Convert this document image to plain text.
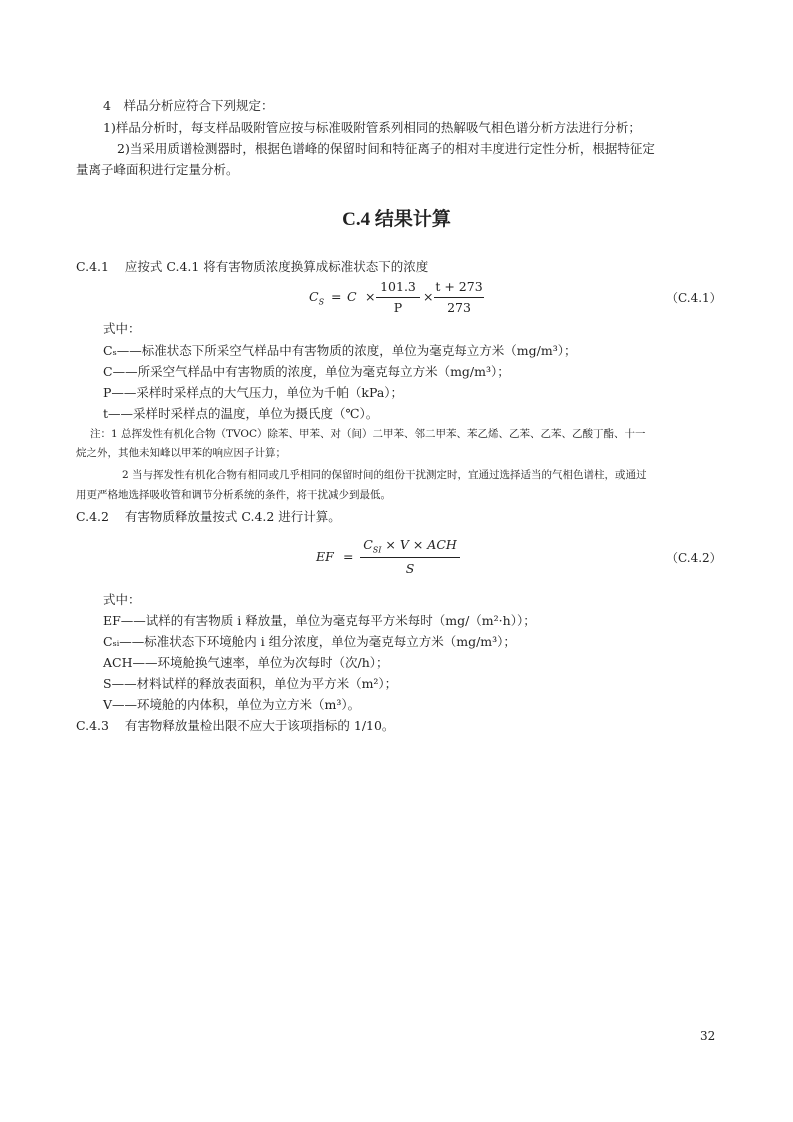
4　样品分析应符合下列规定：
1)样品分析时，每支样品吸附管应按与标准吸附管系列相同的热解吸气相色谱分析方法进行分析；
2)当采用质谱检测器时，根据色谱峰的保留时间和特征离子的相对丰度进行定性分析，根据特征定
量离子峰面积进行定量分析。
C.4 结果计算
C.4.1 应按式 C.4.1 将有害物质浓度换算成标准状态下的浓度
$C_S = C$ ×
101.3
P
×
t + 273
273
（C.4.1）
式中：
Cₛ——标准状态下所采空气样品中有害物质的浓度，单位为毫克每立方米（mg/m³）；
C——所采空气样品中有害物质的浓度，单位为毫克每立方米（mg/m³）；
P——采样时采样点的大气压力，单位为千帕（kPa）；
t——采样时采样点的温度，单位为摄氏度（℃）。
注：1 总挥发性有机化合物（TVOC）除苯、甲苯、对（间）二甲苯、邻二甲苯、苯乙烯、乙苯、乙苯、乙酸丁酯、十一
烷之外，其他未知峰以甲苯的响应因子计算；
2 当与挥发性有机化合物有相同或几乎相同的保留时间的组份干扰测定时，宜通过选择适当的气相色谱柱，或通过
用更严格地选择吸收管和调节分析系统的条件，将干扰减少到最低。
C.4.2 有害物质释放量按式 C.4.2 进行计算。
EF =
$C_{SI} \times V$ × ACH
S
（C.4.2）
式中：
EF——试样的有害物质 i 释放量，单位为毫克每平方米每时（mg/（m²·h））；
Cₛᵢ——标准状态下环境舱内 i 组分浓度，单位为毫克每立方米（mg/m³）；
ACH——环境舱换气速率，单位为次每时（次/h）；
S——材料试样的释放表面积，单位为平方米（m²）；
V——环境舱的内体积，单位为立方米（m³）。
C.4.3 有害物释放量检出限不应大于该项指标的 1/10。
32
